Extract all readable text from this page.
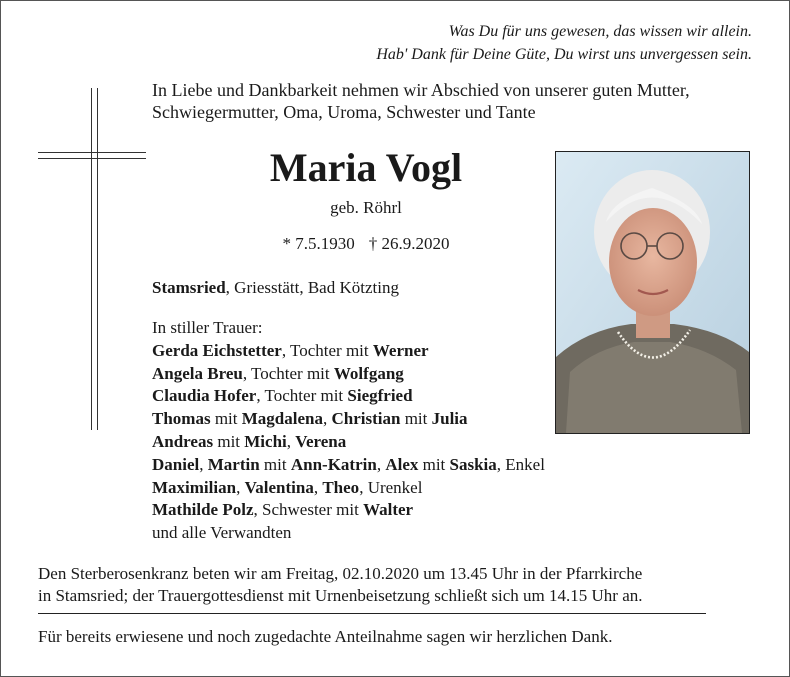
Was Du für uns gewesen, das wissen wir allein.
Hab' Dank für Deine Güte, Du wirst uns unvergessen sein.
In Liebe und Dankbarkeit nehmen wir Abschied von unserer guten Mutter,
Schwiegermutter, Oma, Uroma, Schwester und Tante
Maria Vogl
geb. Röhrl
* 7.5.1930 † 26.9.2020
Stamsried, Griesstätt, Bad Kötzting
In stiller Trauer:
Gerda Eichstetter, Tochter mit Werner
Angela Breu, Tochter mit Wolfgang
Claudia Hofer, Tochter mit Siegfried
Thomas mit Magdalena, Christian mit Julia
Andreas mit Michi, Verena
Daniel, Martin mit Ann-Katrin, Alex mit Saskia, Enkel
Maximilian, Valentina, Theo, Urenkel
Mathilde Polz, Schwester mit Walter
und alle Verwandten
Den Sterberosenkranz beten wir am Freitag, 02.10.2020 um 13.45 Uhr in der Pfarrkirche
in Stamsried; der Trauergottesdienst mit Urnenbeisetzung schließt sich um 14.15 Uhr an.
Für bereits erwiesene und noch zugedachte Anteilnahme sagen wir herzlichen Dank.
